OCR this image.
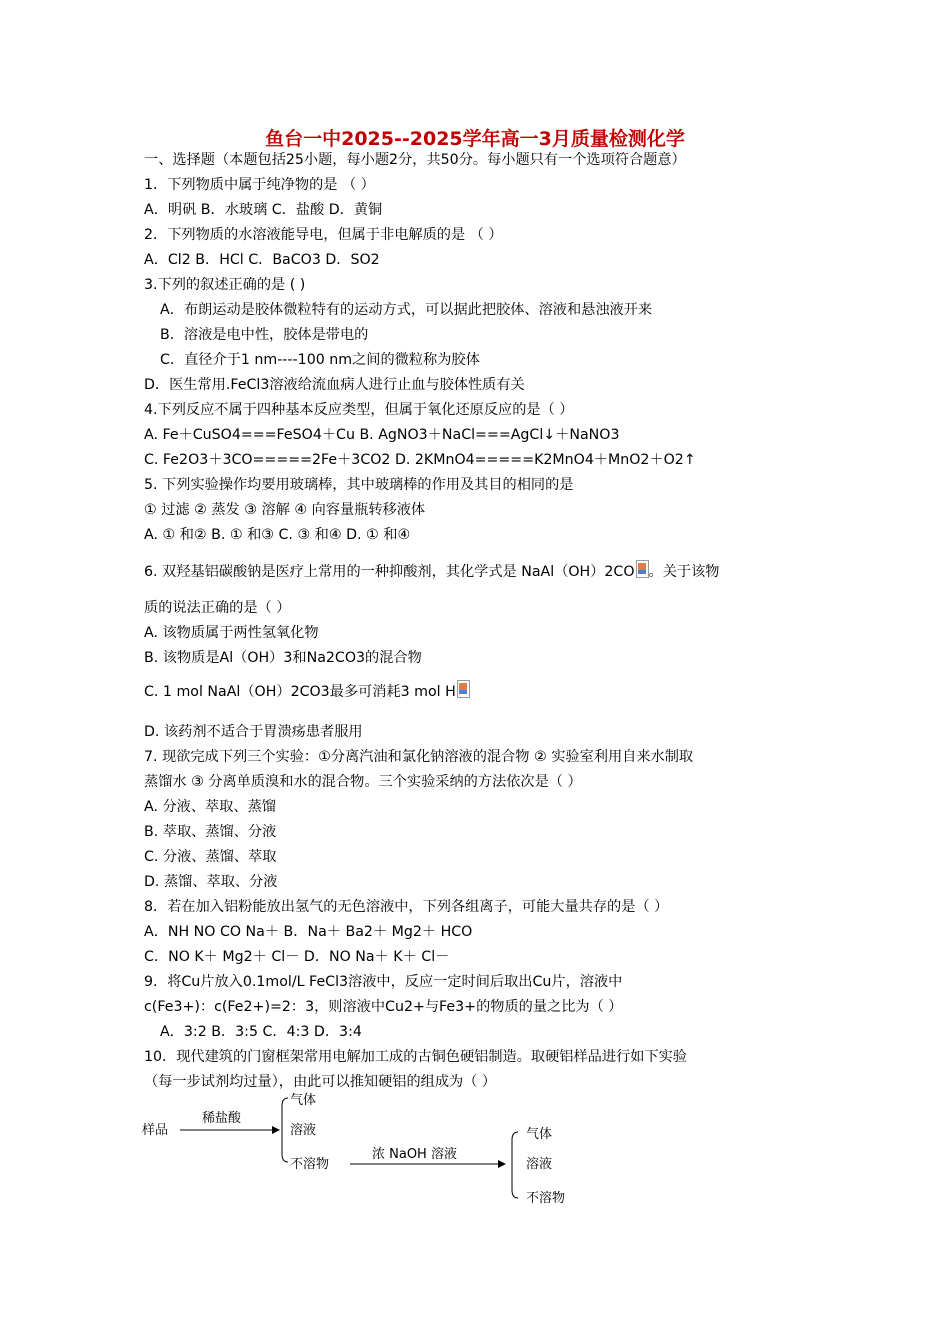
鱼台一中2025--2025学年高一3月质量检测化学
一、选择题（本题包括25小题，每小题2分，共50分。每小题只有一个选项符合题意）
1．下列物质中属于纯净物的是 （ ）
A．明矾 B．水玻璃 C．盐酸 D．黄铜
2．下列物质的水溶液能导电，但属于非电解质的是 （ ）
A．Cl2 B．HCl C．BaCO3 D．SO2
3.下列的叙述正确的是 ( )
A．布朗运动是胶体微粒特有的运动方式，可以据此把胶体、溶液和悬浊液开来
B．溶液是电中性，胶体是带电的
C．直径介于1 nm----100 nm之间的微粒称为胶体
D．医生常用.FeCl3溶液给流血病人进行止血与胶体性质有关
4.下列反应不属于四种基本反应类型，但属于氧化还原反应的是（ ）
A. Fe＋CuSO4===FeSO4＋Cu B. AgNO3＋NaCl===AgCl↓＋NaNO3
C. Fe2O3＋3CO=====2Fe＋3CO2 D. 2KMnO4=====K2MnO4＋MnO2＋O2↑
5. 下列实验操作均要用玻璃棒，其中玻璃棒的作用及其目的相同的是
① 过滤 ② 蒸发 ③ 溶解 ④ 向容量瓶转移液体
A. ① 和② B. ① 和③ C. ③ 和④ D. ① 和④
6. 双羟基铝碳酸钠是医疗上常用的一种抑酸剂，其化学式是 NaAl（OH）2CO 。关于该物
质的说法正确的是（ ）
A. 该物质属于两性氢氧化物
B. 该物质是Al（OH）3和Na2CO3的混合物
C. 1 mol NaAl（OH）2CO3最多可消耗3 mol H
D. 该药剂不适合于胃溃疡患者服用
7. 现欲完成下列三个实验：①分离汽油和氯化钠溶液的混合物 ② 实验室利用自来水制取
蒸馏水 ③ 分离单质溴和水的混合物。三个实验采纳的方法依次是（ ）
A. 分液、萃取、蒸馏
B. 萃取、蒸馏、分液
C. 分液、蒸馏、萃取
D. 蒸馏、萃取、分液
8．若在加入铝粉能放出氢气的无色溶液中，下列各组离子，可能大量共存的是（ ）
A．NH NO CO Na＋ B．Na＋ Ba2＋ Mg2＋ HCO
C．NO K＋ Mg2＋ Cl－ D．NO Na＋ K＋ Cl－
9．将Cu片放入0.1mol/L FeCl3溶液中，反应一定时间后取出Cu片，溶液中
c(Fe3+)：c(Fe2+)=2：3，则溶液中Cu2+与Fe3+的物质的量之比为（ ）
A．3:2 B．3:5 C．4:3 D．3:4
10．现代建筑的门窗框架常用电解加工成的古铜色硬铝制造。取硬铝样品进行如下实验
（每一步试剂均过量），由此可以推知硬铝的组成为（ ）
样品
稀盐酸
气体
溶液
不溶物
浓 NaOH 溶液
气体
溶液
不溶物
